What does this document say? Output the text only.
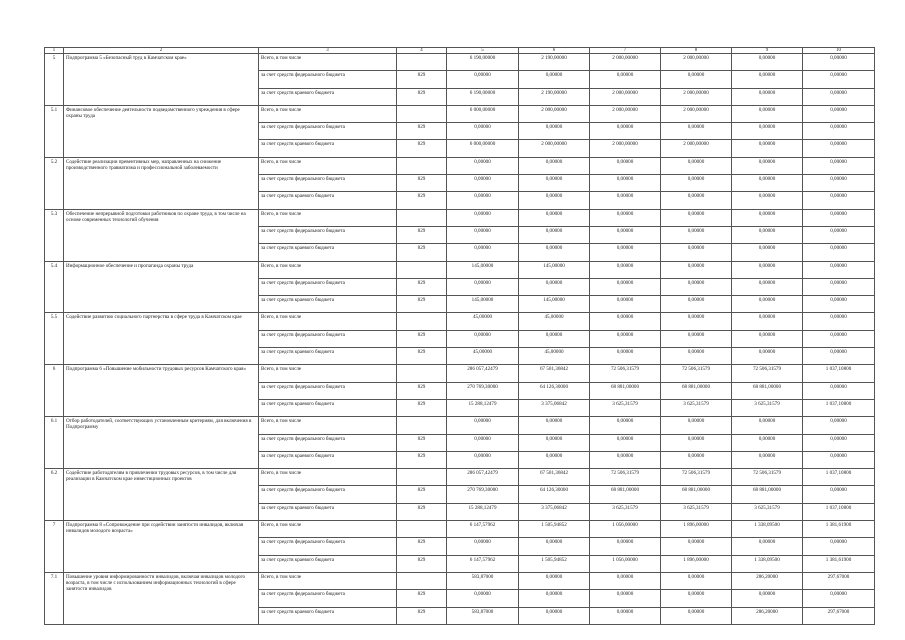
1	2	3	4	5	6	7	8	9	10
5	Подпрограмма 5 «Безопасный труд в Камчатском крае»	Всего, в том числе		6 190,00000	2 190,00000	2 000,00000	2 000,00000	0,00000	0,00000
		за счет средств федерального бюджета	829	0,00000	0,00000	0,00000	0,00000	0,00000	0,00000
		за счет средств краевого бюджета	829	6 190,00000	2 190,00000	2 000,00000	2 000,00000	0,00000	0,00000
5.1	Финансовое обеспечение деятельности подведомственного учреждения в сфере охраны труда	Всего, в том числе		6 000,00000	2 000,00000	2 000,00000	2 000,00000	0,00000	0,00000
		за счет средств федерального бюджета	829	0,00000	0,00000	0,00000	0,00000	0,00000	0,00000
		за счет средств краевого бюджета	829	6 000,00000	2 000,00000	2 000,00000	2 000,00000	0,00000	0,00000
5.2	Содействие реализации превентивных мер, направленных на снижение производственного травматизма и профессиональной заболеваемости	Всего, в том числе		0,00000	0,00000	0,00000	0,00000	0,00000	0,00000
		за счет средств федерального бюджета	829	0,00000	0,00000	0,00000	0,00000	0,00000	0,00000
		за счет средств краевого бюджета	829	0,00000	0,00000	0,00000	0,00000	0,00000	0,00000
5.3	Обеспечение непрерывной подготовки работников по охране труда, в том числе на основе современных технологий обучения	Всего, в том числе		0,00000	0,00000	0,00000	0,00000	0,00000	0,00000
		за счет средств федерального бюджета	829	0,00000	0,00000	0,00000	0,00000	0,00000	0,00000
		за счет средств краевого бюджета	829	0,00000	0,00000	0,00000	0,00000	0,00000	0,00000
5.4	Информационное обеспечение и пропаганда охраны труда	Всего, в том числе		145,00000	145,00000	0,00000	0,00000	0,00000	0,00000
		за счет средств федерального бюджета	829	0,00000	0,00000	0,00000	0,00000	0,00000	0,00000
		за счет средств краевого бюджета	829	145,00000	145,00000	0,00000	0,00000	0,00000	0,00000
5.5	Содействие развитию социального партнерства в сфере труда в Камчатском крае	Всего, в том числе		45,00000	45,00000	0,00000	0,00000	0,00000	0,00000
		за счет средств федерального бюджета	829	0,00000	0,00000	0,00000	0,00000	0,00000	0,00000
		за счет средств краевого бюджета	829	45,00000	45,00000	0,00000	0,00000	0,00000	0,00000
6	Подпрограмма 6 «Повышение мобильности трудовых ресурсов Камчатского края»	Всего, в том числе		286 057,42479	67 501,36842	72 506,31579	72 506,31579	72 506,31579	1 037,10800
		за счет средств федерального бюджета	829	270 769,30000	64 126,30000	68 881,00000	68 881,00000	68 881,00000	0,00000
		за счет средств краевого бюджета	829	15 288,12479	3 375,06842	3 625,31579	3 625,31579	3 625,31579	1 037,10800
6.1	Отбор работодателей, соответствующих установленным критериям, для включения в Подпрограмму	Всего, в том числе		0,00000	0,00000	0,00000	0,00000	0,00000	0,00000
		за счет средств федерального бюджета	829	0,00000	0,00000	0,00000	0,00000	0,00000	0,00000
		за счет средств краевого бюджета	829	0,00000	0,00000	0,00000	0,00000	0,00000	0,00000
6.2	Содействие работодателям в привлечении трудовых ресурсов, в том числе для реализации в Камчатском крае инвестиционных проектов	Всего, в том числе		286 057,42479	67 501,36842	72 506,31579	72 506,31579	72 506,31579	1 037,10800
		за счет средств федерального бюджета	829	270 769,30000	64 126,30000	68 881,00000	68 881,00000	68 881,00000	0,00000
		за счет средств краевого бюджета	829	15 288,12479	3 375,06842	3 625,31579	3 625,31579	3 625,31579	1 037,10800
7	Подпрограмма 8 «Сопровождение при содействии занятости инвалидов, включая инвалидов молодого возраста»	Всего, в том числе		6 147,57962	1 505,94852	1 056,00000	1 896,00000	1 338,09500	1 381,61900
		за счет средств федерального бюджета	829	0,00000	0,00000	0,00000	0,00000	0,00000	0,00000
		за счет средств краевого бюджета	829	6 147,57962	1 505,94852	1 056,00000	1 896,00000	1 338,09500	1 381,61900
7.1	Повышение уровня информированности инвалидов, включая инвалидов молодого возраста, в том числе с использованием информационных технологий в сфере занятости инвалидов	Всего, в том числе		583,87000	0,00000	0,00000	0,00000	286,20000	297,67000
		за счет средств федерального бюджета	829	0,00000	0,00000	0,00000	0,00000	0,00000	0,00000
		за счет средств краевого бюджета	829	583,87000	0,00000	0,00000	0,00000	286,20000	297,67000
